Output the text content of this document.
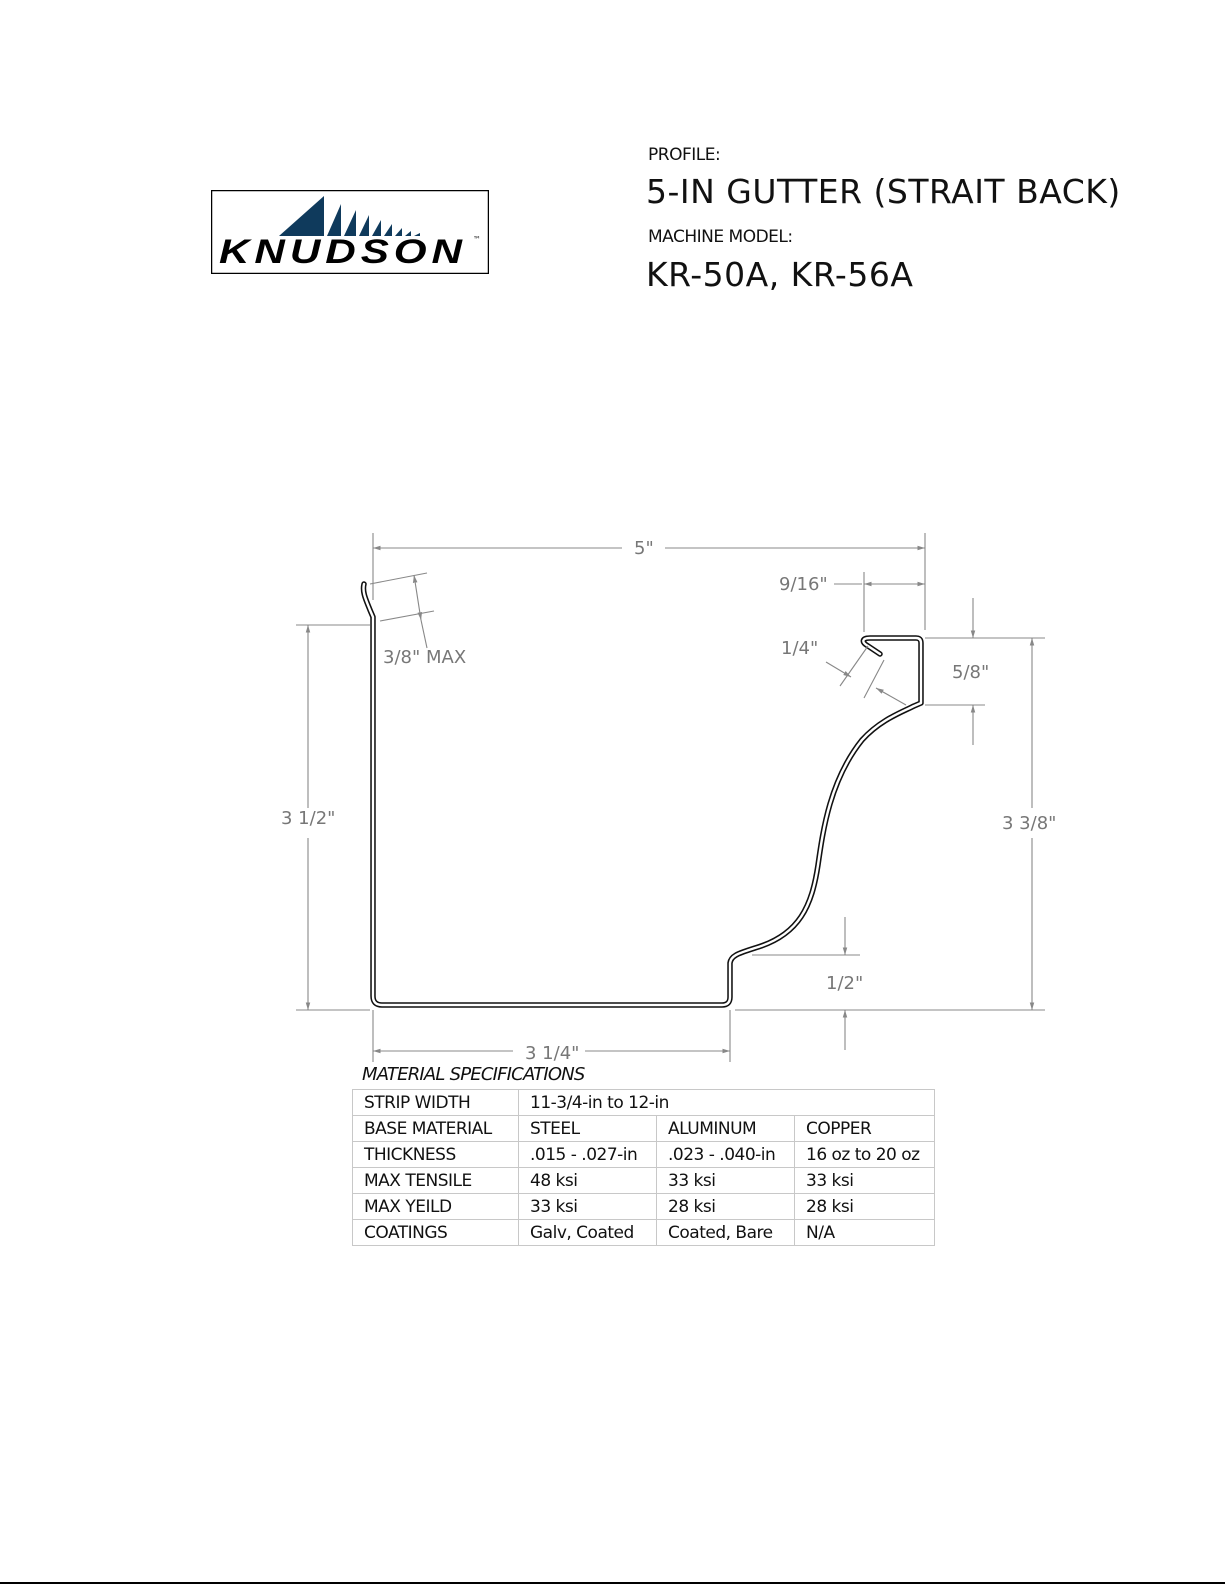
KNUDSON ™
PROFILE:
5-IN GUTTER (STRAIT BACK)
MACHINE MODEL:
KR-50A, KR-56A
5"
9/16"
1/4"
3/8" MAX
5/8"
3 1/2"	3 3/8"
1/2"
3 1/4"
MATERIAL SPECIFICATIONS
STRIP WIDTH	11-3/4-in to 12-in		
BASE MATERIAL	STEEL	ALUMINUM	COPPER
THICKNESS	.015 - .027-in	.023 - .040-in	16 oz to 20 oz
MAX TENSILE	48 ksi	33 ksi	33 ksi
MAX YEILD	33 ksi	28 ksi	28 ksi
COATINGS	Galv, Coated	Coated, Bare	N/A
